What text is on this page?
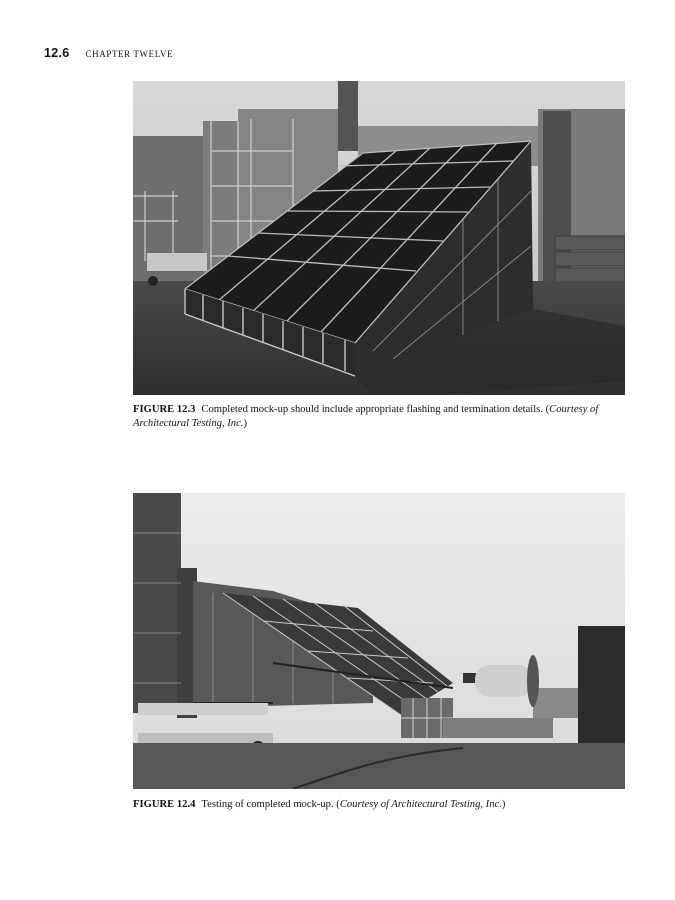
12.6 CHAPTER TWELVE
FIGURE 12.3 Completed mock-up should include appropriate flashing and termination details. (Courtesy of Architectural Testing, Inc.)
FIGURE 12.4 Testing of completed mock-up. (Courtesy of Architectural Testing, Inc.)
